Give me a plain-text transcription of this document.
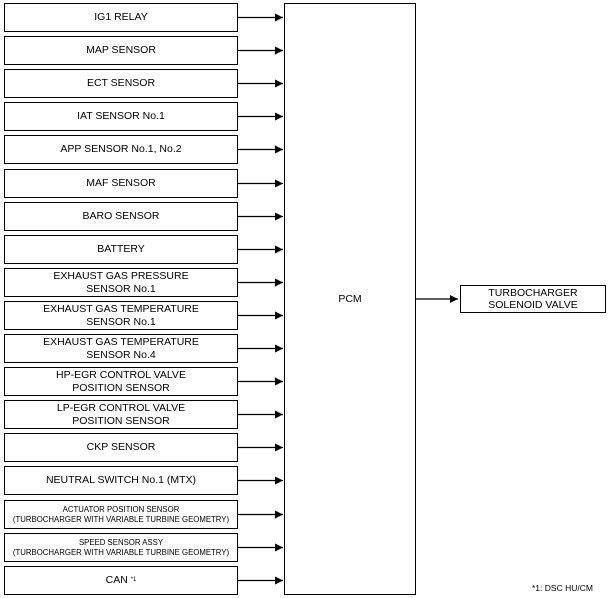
IG1 RELAY
MAP SENSOR
ECT SENSOR
IAT SENSOR No.1
APP SENSOR No.1, No.2
MAF SENSOR
BARO SENSOR
BATTERY
EXHAUST GAS PRESSURE
SENSOR No.1
EXHAUST GAS TEMPERATURE
SENSOR No.1
EXHAUST GAS TEMPERATURE
SENSOR No.4
HP-EGR CONTROL VALVE
POSITION SENSOR
LP-EGR CONTROL VALVE
POSITION SENSOR
CKP SENSOR
NEUTRAL SWITCH No.1 (MTX)
ACTUATOR POSITION SENSOR
(TURBOCHARGER WITH VARIABLE TURBINE GEOMETRY)
SPEED SENSOR ASSY
(TURBOCHARGER WITH VARIABLE TURBINE GEOMETRY)
CAN
*1
PCM
TURBOCHARGER
SOLENOID VALVE
*1: DSC HU/CM
